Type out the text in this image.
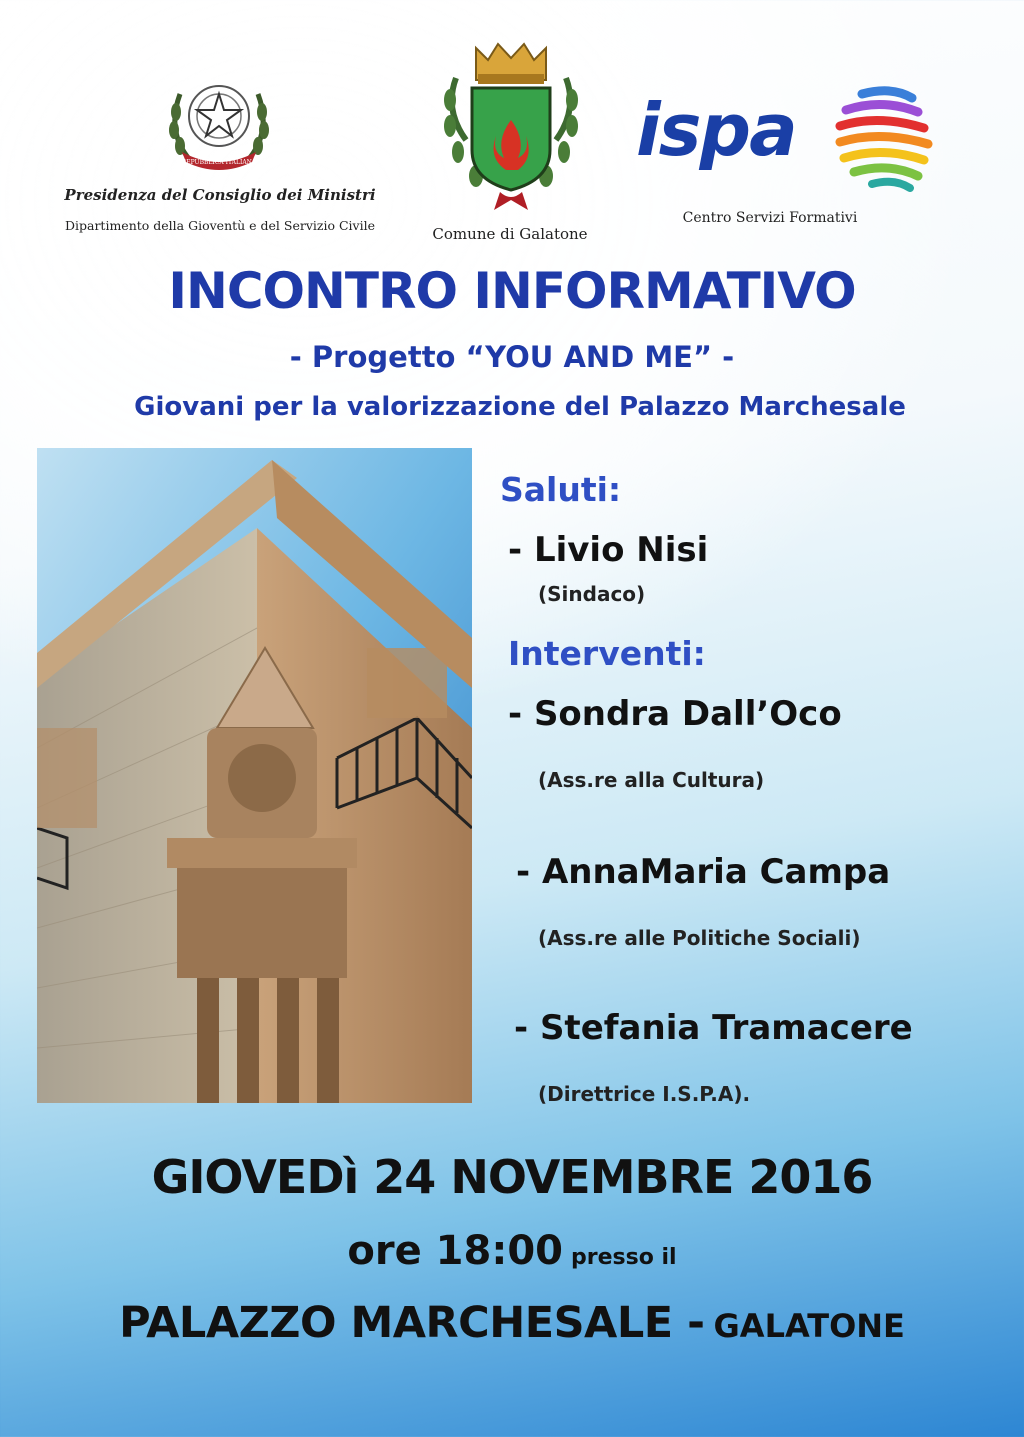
REPUBBLICA ITALIANA
Presidenza del Consiglio dei Ministri
Dipartimento della Gioventù e del Servizio Civile	Comune di Galatone
ispa
Centro Servizi Formativi
INCONTRO INFORMATIVO
- Progetto “YOU AND ME” -
Giovani per la valorizzazione del Palazzo Marchesale
Saluti:
- Livio Nisi
(Sindaco)
Interventi:
- Sondra Dall’Oco
(Ass.re alla Cultura)
- AnnaMaria Campa
(Ass.re alle Politiche Sociali)
- Stefania Tramacere
(Direttrice I.S.P.A).
GIOVEDì 24 NOVEMBRE 2016
ore 18:00 presso il
PALAZZO MARCHESALE - GALATONE
